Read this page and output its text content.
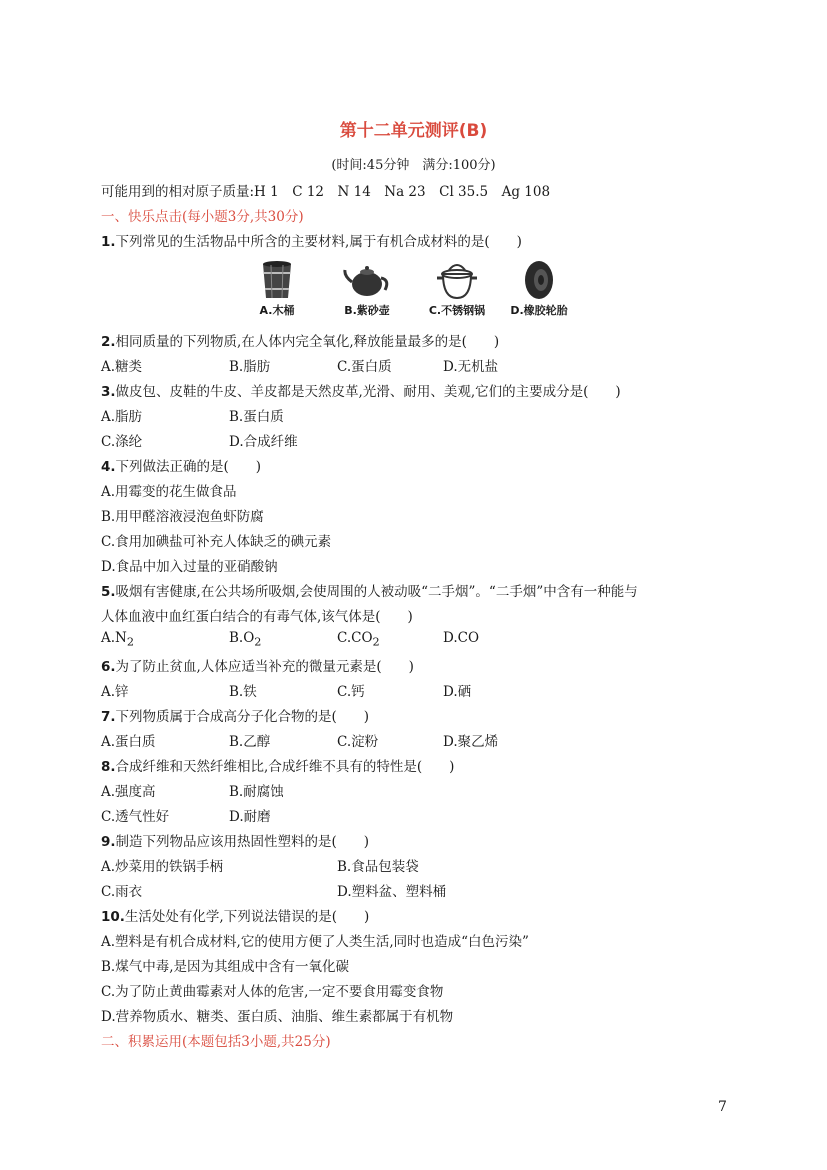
第十二单元测评(B)
(时间:45分钟　满分:100分)
可能用到的相对原子质量:H 1　C 12　N 14　Na 23　Cl 35.5　Ag 108
一、快乐点击(每小题3分,共30分)
1.下列常见的生活物品中所含的主要材料,属于有机合成材料的是(　　)
A.木桶	B.紫砂壶	C.不锈钢锅	D.橡胶轮胎
2.相同质量的下列物质,在人体内完全氧化,释放能量最多的是(　　)
A.糖类	B.脂肪	C.蛋白质	D.无机盐
3.做皮包、皮鞋的牛皮、羊皮都是天然皮革,光滑、耐用、美观,它们的主要成分是(　　)
A.脂肪	B.蛋白质
C.涤纶	D.合成纤维
4.下列做法正确的是(　　)
A.用霉变的花生做食品
B.用甲醛溶液浸泡鱼虾防腐
C.食用加碘盐可补充人体缺乏的碘元素
D.食品中加入过量的亚硝酸钠
5.吸烟有害健康,在公共场所吸烟,会使周围的人被动吸“二手烟”。“二手烟”中含有一种能与
人体血液中血红蛋白结合的有毒气体,该气体是(　　)
$A.N_2$	$B.O_2$	$C.CO_2$	D.CO
6.为了防止贫血,人体应适当补充的微量元素是(　　)
A.锌	B.铁	C.钙	D.硒
7.下列物质属于合成高分子化合物的是(　　)
A.蛋白质	B.乙醇	C.淀粉	D.聚乙烯
8.合成纤维和天然纤维相比,合成纤维不具有的特性是(　　)
A.强度高	B.耐腐蚀
C.透气性好	D.耐磨
9.制造下列物品应该用热固性塑料的是(　　)
A.炒菜用的铁锅手柄	B.食品包装袋
C.雨衣	D.塑料盆、塑料桶
10.生活处处有化学,下列说法错误的是(　　)
A.塑料是有机合成材料,它的使用方便了人类生活,同时也造成“白色污染”
B.煤气中毒,是因为其组成中含有一氧化碳
C.为了防止黄曲霉素对人体的危害,一定不要食用霉变食物
D.营养物质水、糖类、蛋白质、油脂、维生素都属于有机物
二、积累运用(本题包括3小题,共25分)
7
